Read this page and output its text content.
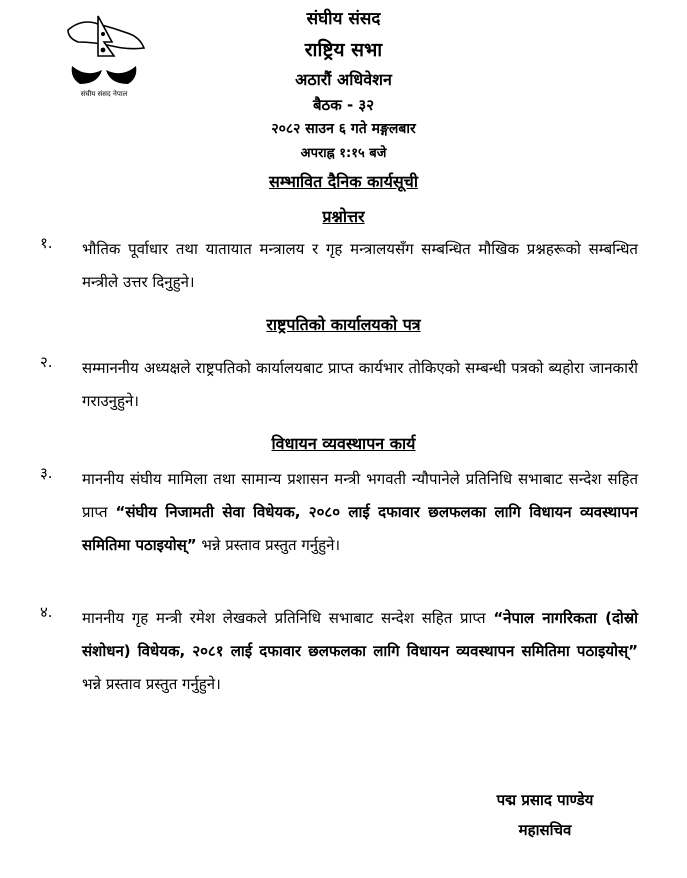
संघीय संसद नेपाल
संघीय संसद
राष्ट्रिय सभा
अठारौं अधिवेशन
बैठक - ३२
२०८२ साउन ६ गते मङ्गलबार
अपराह्न १:१५ बजे
सम्भावित दैनिक कार्यसूची
प्रश्नोत्तर
१. भौतिक पूर्वाधार तथा यातायात मन्त्रालय र गृह मन्त्रालयसँग सम्बन्धित मौखिक प्रश्नहरूको सम्बन्धित मन्त्रीले उत्तर दिनुहुने।
राष्ट्रपतिको कार्यालयको पत्र
२. सम्माननीय अध्यक्षले राष्ट्रपतिको कार्यालयबाट प्राप्त कार्यभार तोकिएको सम्बन्धी पत्रको ब्यहोरा जानकारी गराउनुहुने।
विधायन व्यवस्थापन कार्य
३. माननीय संघीय मामिला तथा सामान्य प्रशासन मन्त्री भगवती न्यौपानेले प्रतिनिधि सभाबाट सन्देश सहित प्राप्त “संघीय निजामती सेवा विधेयक, २०८० लाई दफावार छलफलका लागि विधायन व्यवस्थापन समितिमा पठाइयोस्” भन्ने प्रस्ताव प्रस्तुत गर्नुहुने।
४. माननीय गृह मन्त्री रमेश लेखकले प्रतिनिधि सभाबाट सन्देश सहित प्राप्त “नेपाल नागरिकता (दोस्रो संशोधन) विधेयक, २०८१ लाई दफावार छलफलका लागि विधायन व्यवस्थापन समितिमा पठाइयोस्” भन्ने प्रस्ताव प्रस्तुत गर्नुहुने।
पद्म प्रसाद पाण्डेय
महासचिव
